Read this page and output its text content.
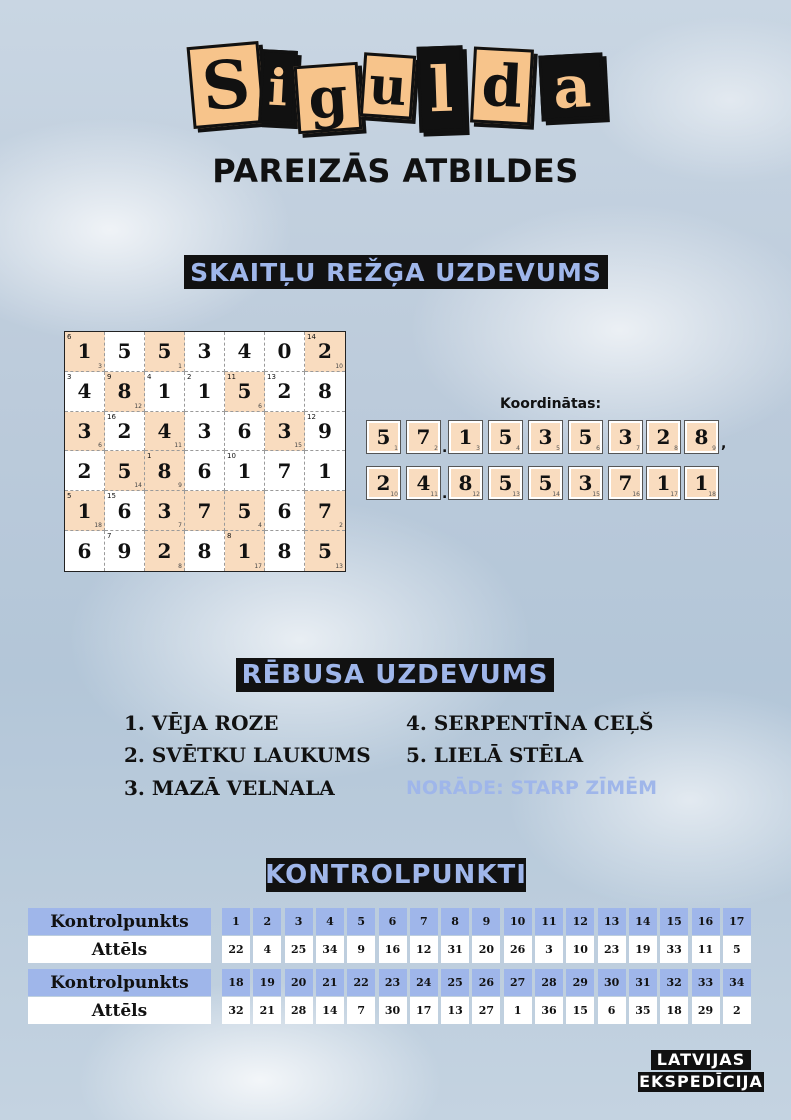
S i g u l d a
PAREIZĀS ATBILDES
SKAITĻU REŽĢA UZDEVUMS
1
6
3
5 5
1
3 4 0 2
14
10
4
3
8
9
12
1
4
1
2
5
11
6
2
13
8
3
6
2
16
4
11
3 6 3
15
9
12
2 5
14
8
1
9
6 1
10
7 1
1
5
18
6
15
3
7
7 5
4
6 7
2
6 9
7
2
8
8 1
8
17
8 5
13
Koordinātas:
5 1 7 2 1 3 5 4 3 5 5 6 3 7 2 8 8 9
.	,
2 10 4 11 8 12 5 13 5 14 3 15 7 16 1 17 1 18
.
RĒBUSA UZDEVUMS
1. VĒJA ROZE
2. SVĒTKU LAUKUMS
3. MAZĀ VELNALA
4. SERPENTĪNA CEĻŠ
5. LIELĀ STĒLA
NORĀDE: STARP ZĪMĒM
KONTROLPUNKTI
Kontrolpunkts
Attēls
Kontrolpunkts
Attēls
1
22
2
4
3
25
4
34
5
9
6
16
7
12
8
31
9
20
10
26
11
3
12
10
13
23
14
19
15
33
16
11
17
5
18
32
19
21
20
28
21
14
22
7
23
30
24
17
25
13
26
27
27
1
28
36
29
15
30
6
31
35
32
18
33
29
34
2
LATVIJAS
EKSPEDĪCIJA
